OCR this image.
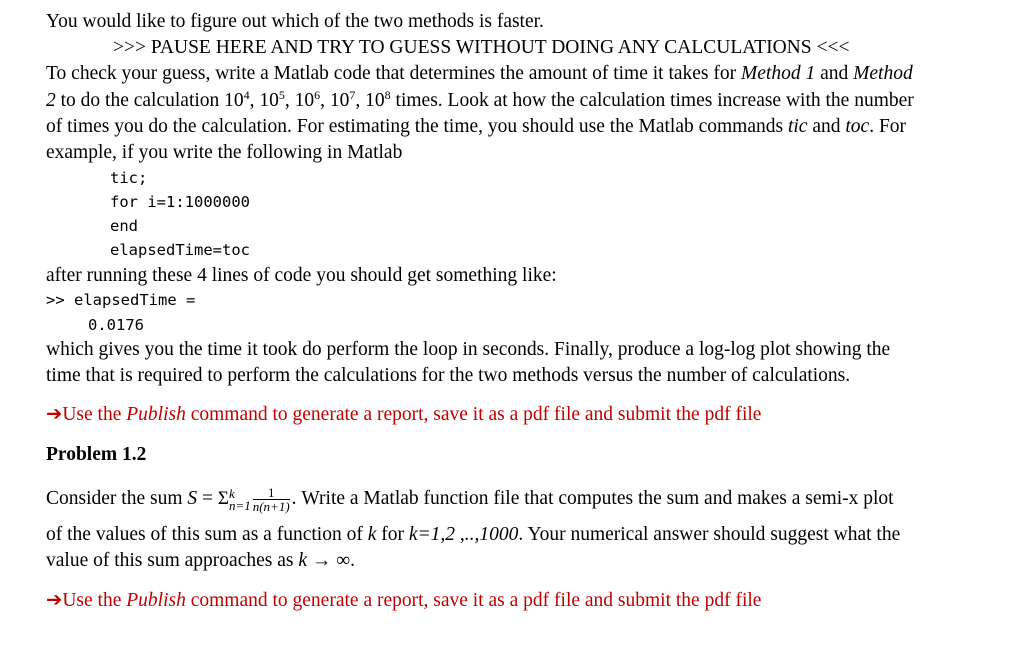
You would like to figure out which of the two methods is faster.
>>> PAUSE HERE AND TRY TO GUESS WITHOUT DOING ANY CALCULATIONS <<<
To check your guess, write a Matlab code that determines the amount of time it takes for Method 1 and Method
2 to do the calculation $10^4$, $10^5$, $10^6$, $10^7$, $10^8$ times. Look at how the calculation times increase with the number
of times you do the calculation. For estimating the time, you should use the Matlab commands tic and toc. For
example, if you write the following in Matlab
tic;
for i=1:1000000
end
elapsedTime=toc
after running these 4 lines of code you should get something like:
>> elapsedTime =
0.0176
which gives you the time it took do perform the loop in seconds. Finally, produce a log-log plot showing the
time that is required to perform the calculations for the two methods versus the number of calculations.
➔Use the Publish command to generate a report, save it as a pdf file and submit the pdf file
Problem 1.2
Consider the sum S = Σk
$n=1 \frac{1}{n(n+1)}$ . Write a Matlab function file that computes the sum and makes a semi-x plot
of the values of this sum as a function of k for k=1,2 ,..,1000. Your numerical answer should suggest what the
value of this sum approaches as k → ∞.
➔Use the Publish command to generate a report, save it as a pdf file and submit the pdf file
